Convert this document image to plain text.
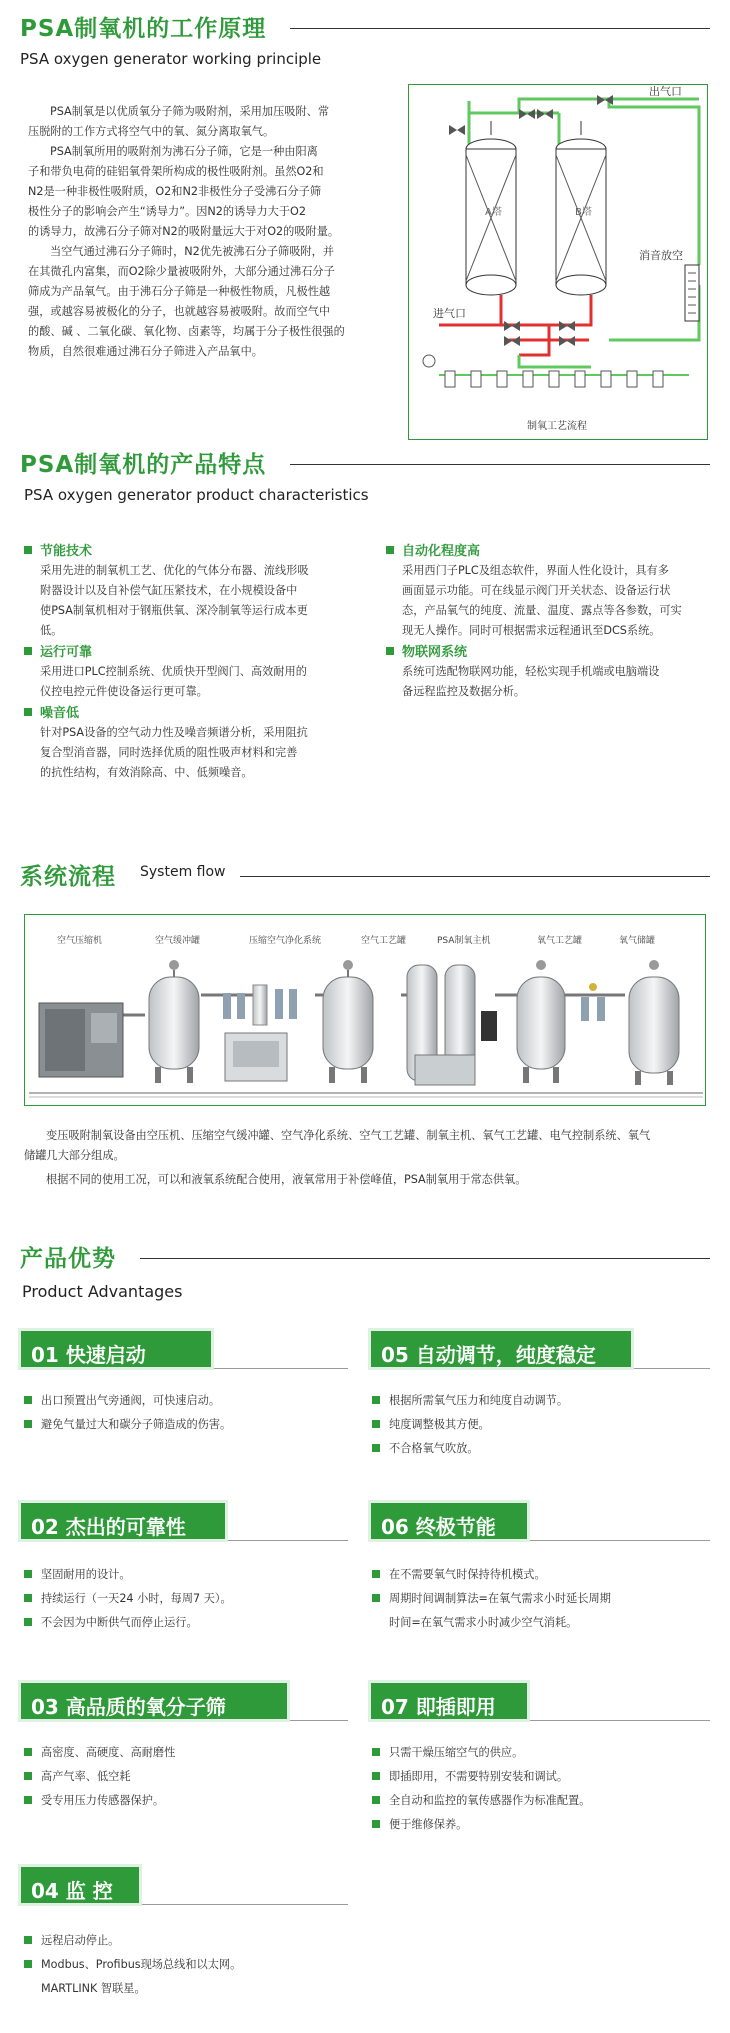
PSA制氧机的工作原理
PSA oxygen generator working principle
PSA制氧是以优质氧分子筛为吸附剂，采用加压吸附、常
压脱附的工作方式将空气中的氧、氮分离取氧气。
PSA制氧所用的吸附剂为沸石分子筛，它是一种由阳离
子和带负电荷的硅铝氧骨架所构成的极性吸附剂。虽然O2和
N2是一种非极性吸附质，O2和N2非极性分子受沸石分子筛
极性分子的影响会产生“诱导力”。因N2的诱导力大于O2
的诱导力，故沸石分子筛对N2的吸附量远大于对O2的吸附量。
当空气通过沸石分子筛时，N2优先被沸石分子筛吸附，并
在其微孔内富集，而O2除少量被吸附外，大部分通过沸石分子
筛成为产品氧气。由于沸石分子筛是一种极性物质，凡极性越
强，或越容易被极化的分子，也就越容易被吸附。故而空气中
的酸、碱 、二氧化碳、氧化物、卤素等，均属于分子极性很强的
物质，自然很难通过沸石分子筛进入产品氧中。
A塔	B塔
出气口
进气口
消音放空
制氧工艺流程
PSA制氧机的产品特点
PSA oxygen generator product characteristics
节能技术
采用先进的制氧机工艺、优化的气体分布器、流线形吸
附器设计以及自补偿气缸压紧技术，在小规模设备中
使PSA制氧机相对于钢瓶供氧、深冷制氧等运行成本更
低。
运行可靠
采用进口PLC控制系统、优质快开型阀门、高效耐用的
仪控电控元件使设备运行更可靠。
噪音低
针对PSA设备的空气动力性及噪音频谱分析，采用阻抗
复合型消音器，同时选择优质的阻性吸声材料和完善
的抗性结构，有效消除高、中、低频噪音。
自动化程度高
采用西门子PLC及组态软件，界面人性化设计，具有多
画面显示功能。可在线显示阀门开关状态、设备运行状
态，产品氧气的纯度、流量、温度、露点等各参数，可实
现无人操作。同时可根据需求远程通讯至DCS系统。
物联网系统
系统可选配物联网功能，轻松实现手机端或电脑端设
备远程监控及数据分析。
系统流程 System flow
空气压缩机	空气缓冲罐	压缩空气净化系统	空气工艺罐	PSA制氧主机	氧气工艺罐	氧气储罐
变压吸附制氧设备由空压机、压缩空气缓冲罐、空气净化系统、空气工艺罐、制氧主机、氧气工艺罐、电气控制系统、氧气
储罐几大部分组成。
根据不同的使用工况，可以和液氧系统配合使用，液氧常用于补偿峰值，PSA制氧用于常态供氧。
产品优势
Product Advantages
01 快速启动
出口预置出气旁通阀，可快速启动。
避免气量过大和碳分子筛造成的伤害。
05 自动调节，纯度稳定
根据所需氧气压力和纯度自动调节。
纯度调整极其方便。
不合格氧气吹放。
02 杰出的可靠性
坚固耐用的设计。
持续运行（一天24 小时，每周7 天）。
不会因为中断供气而停止运行。
06 终极节能
在不需要氧气时保持待机模式。
周期时间调制算法=在氧气需求小时延长周期
时间=在氧气需求小时减少空气消耗。
03 高品质的氧分子筛
高密度、高硬度、高耐磨性
高产气率、低空耗
受专用压力传感器保护。
07 即插即用
只需干燥压缩空气的供应。
即插即用，不需要特别安装和调试。
全自动和监控的氧传感器作为标准配置。
便于维修保养。
04 监 控
远程启动停止。
Modbus、Profibus现场总线和以太网。
MARTLINK 智联星。
